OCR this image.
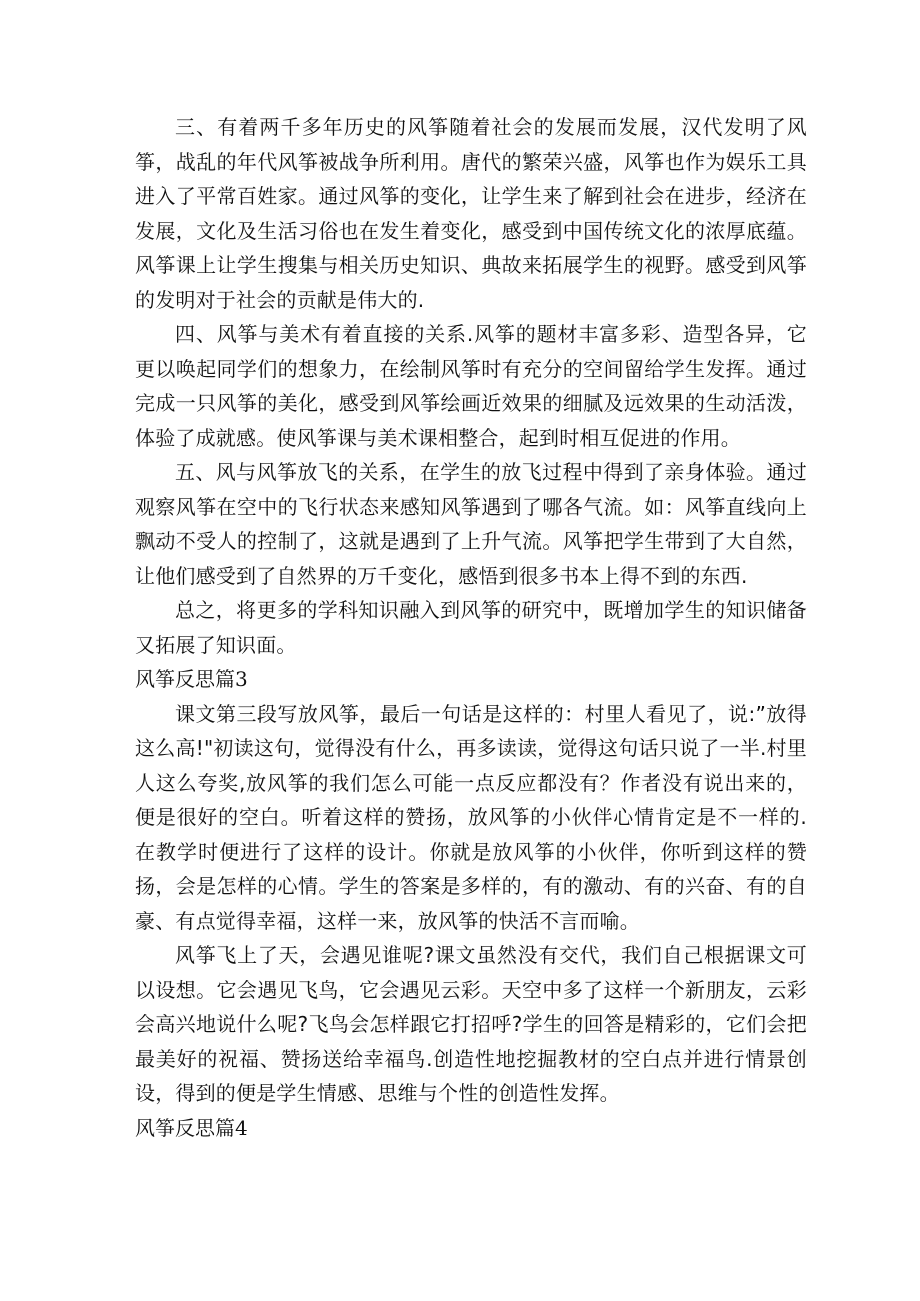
三、有着两千多年历史的风筝随着社会的发展而发展，汉代发明了风筝，战乱的年代风筝被战争所利用。唐代的繁荣兴盛，风筝也作为娱乐工具进入了平常百姓家。通过风筝的变化，让学生来了解到社会在进步，经济在发展，文化及生活习俗也在发生着变化，感受到中国传统文化的浓厚底蕴。风筝课上让学生搜集与相关历史知识、典故来拓展学生的视野。感受到风筝的发明对于社会的贡献是伟大的.

四、风筝与美术有着直接的关系.风筝的题材丰富多彩、造型各异，它更以唤起同学们的想象力，在绘制风筝时有充分的空间留给学生发挥。通过完成一只风筝的美化，感受到风筝绘画近效果的细腻及远效果的生动活泼，体验了成就感。使风筝课与美术课相整合，起到时相互促进的作用。

五、风与风筝放飞的关系，在学生的放飞过程中得到了亲身体验。通过观察风筝在空中的飞行状态来感知风筝遇到了哪各气流。如：风筝直线向上飘动不受人的控制了，这就是遇到了上升气流。风筝把学生带到了大自然，让他们感受到了自然界的万千变化，感悟到很多书本上得不到的东西.

总之，将更多的学科知识融入到风筝的研究中，既增加学生的知识储备又拓展了知识面。

风筝反思篇3

课文第三段写放风筝，最后一句话是这样的：村里人看见了，说:”放得这么高!"初读这句，觉得没有什么，再多读读，觉得这句话只说了一半.村里人这么夸奖,放风筝的我们怎么可能一点反应都没有？作者没有说出来的，便是很好的空白。听着这样的赞扬，放风筝的小伙伴心情肯定是不一样的.在教学时便进行了这样的设计。你就是放风筝的小伙伴，你听到这样的赞扬，会是怎样的心情。学生的答案是多样的，有的激动、有的兴奋、有的自豪、有点觉得幸福，这样一来，放风筝的快活不言而喻。

风筝飞上了天，会遇见谁呢?课文虽然没有交代，我们自己根据课文可以设想。它会遇见飞鸟，它会遇见云彩。天空中多了这样一个新朋友，云彩会高兴地说什么呢?飞鸟会怎样跟它打招呼?学生的回答是精彩的，它们会把最美好的祝福、赞扬送给幸福鸟.创造性地挖掘教材的空白点并进行情景创设，得到的便是学生情感、思维与个性的创造性发挥。

风筝反思篇4
